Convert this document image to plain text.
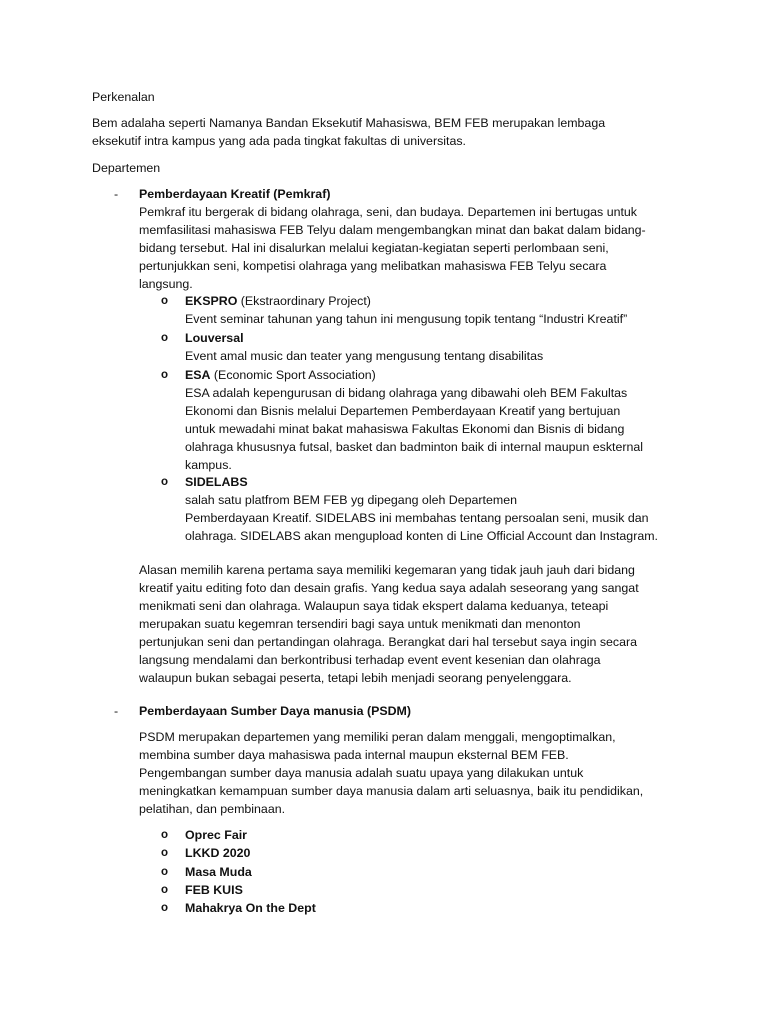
Perkenalan

Bem adalaha seperti Namanya Bandan Eksekutif Mahasiswa, BEM FEB merupakan lembaga

eksekutif intra kampus yang ada pada tingkat fakultas di universitas.

Departemen
- Pemberdayaan Kreatif (Pemkraf)

Pemkraf itu bergerak di bidang olahraga, seni, dan budaya. Departemen ini bertugas untuk

memfasilitasi mahasiswa FEB Telyu dalam mengembangkan minat dan bakat dalam bidang-

bidang tersebut. Hal ini disalurkan melalui kegiatan-kegiatan seperti perlombaan seni,

pertunjukkan seni, kompetisi olahraga yang melibatkan mahasiswa FEB Telyu secara

langsung.

o EKSPRO (Ekstraordinary Project)

Event seminar tahunan yang tahun ini mengusung topik tentang “Industri Kreatif”

o Louversal

Event amal music dan teater yang mengusung tentang disabilitas

o ESA (Economic Sport Association)

ESA adalah kepengurusan di bidang olahraga yang dibawahi oleh BEM Fakultas

Ekonomi dan Bisnis melalui Departemen Pemberdayaan Kreatif yang bertujuan

untuk mewadahi minat bakat mahasiswa Fakultas Ekonomi dan Bisnis di bidang

olahraga khususnya futsal, basket dan badminton baik di internal maupun eskternal

kampus.

o SIDELABS

salah satu platfrom BEM FEB yg dipegang oleh Departemen

Pemberdayaan Kreatif. SIDELABS ini membahas tentang persoalan seni, musik dan

olahraga. SIDELABS akan mengupload konten di Line Official Account dan Instagram.

Alasan memilih karena pertama saya memiliki kegemaran yang tidak jauh jauh dari bidang

kreatif yaitu editing foto dan desain grafis. Yang kedua saya adalah seseorang yang sangat

menikmati seni dan olahraga. Walaupun saya tidak ekspert dalama keduanya, teteapi

merupakan suatu kegemran tersendiri bagi saya untuk menikmati dan menonton

pertunjukan seni dan pertandingan olahraga. Berangkat dari hal tersebut saya ingin secara

langsung mendalami dan berkontribusi terhadap event event kesenian dan olahraga

walaupun bukan sebagai peserta, tetapi lebih menjadi seorang penyelenggara.

- Pemberdayaan Sumber Daya manusia (PSDM)

PSDM merupakan departemen yang memiliki peran dalam menggali, mengoptimalkan,

membina sumber daya mahasiswa pada internal maupun eksternal BEM FEB.

Pengembangan sumber daya manusia adalah suatu upaya yang dilakukan untuk

meningkatkan kemampuan sumber daya manusia dalam arti seluasnya, baik itu pendidikan,

pelatihan, dan pembinaan.

o Oprec Fair
o LKKD 2020
o Masa Muda
o FEB KUIS
o Mahakrya On the Dept
